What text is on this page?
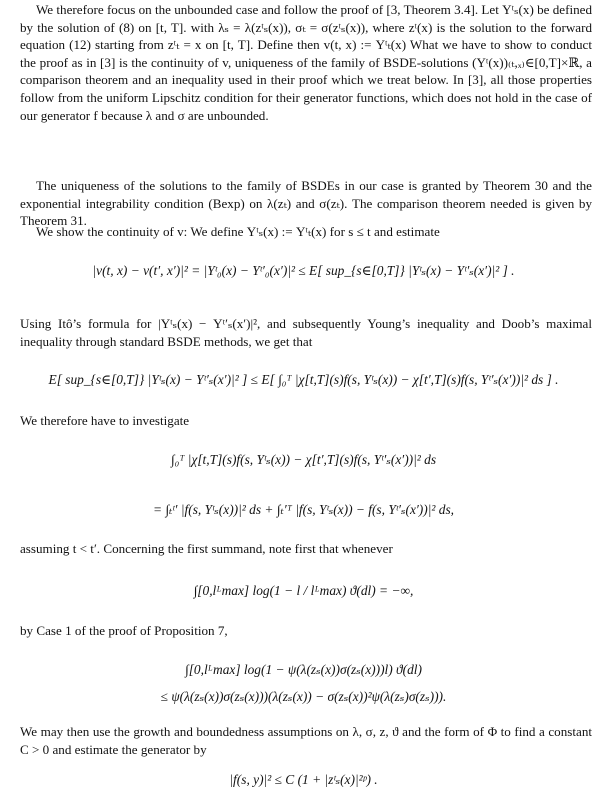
We therefore focus on the unbounded case and follow the proof of [3, Theorem 3.4]. Let Υᵗₛ(x) be defined by the solution of (8) on [t, T]. with λₛ = λ(zᵗₛ(x)), σₜ = σ(zᵗₛ(x)), where zᵗ(x) is the solution to the forward equation (12) starting from zᵗₜ = x on [t, T]. Define then v(t, x) := Υᵗₜ(x) What we have to show to conduct the proof as in [3] is the continuity of v, uniqueness of the family of BSDE-solutions (Υᵗ(x))₍ₜ,ₓ₎∈[0,T]×ℝ, a comparison theorem and an inequality used in their proof which we treat below. In [3], all those properties follow from the uniform Lipschitz condition for their generator functions, which does not hold in the case of our generator f because λ and σ are unbounded.

The uniqueness of the solutions to the family of BSDEs in our case is granted by Theorem 30 and the exponential integrability condition (Bexp) on λ(zₜ) and σ(zₜ). The comparison theorem needed is given by Theorem 31.

We show the continuity of v: We define Υᵗₛ(x) := Υᵗₜ(x) for s ≤ t and estimate

|v(t, x) − v(t′, x′)|² = |Υᵗ₀(x) − Υᵗ′₀(x′)|² ≤ E[ sup_{s∈[0,T]} |Υᵗₛ(x) − Υᵗ′ₛ(x′)|² ] .

Using Itô’s formula for |Υᵗₛ(x) − Υᵗ′ₛ(x′)|², and subsequently Young’s inequality and Doob’s maximal inequality through standard BSDE methods, we get that

E[ sup_{s∈[0,T]} |Υᵗₛ(x) − Υᵗ′ₛ(x′)|² ] ≤ E[ ∫₀ᵀ |χ[t,T](s)f(s, Υᵗₛ(x)) − χ[t′,T](s)f(s, Υᵗ′ₛ(x′))|² ds ] .

We therefore have to investigate

∫₀ᵀ |χ[t,T](s)f(s, Υᵗₛ(x)) − χ[t′,T](s)f(s, Υᵗ′ₛ(x′))|² ds
= ∫ₜᵗ′ |f(s, Υᵗₛ(x))|² ds + ∫ₜ′ᵀ |f(s, Υᵗₛ(x)) − f(s, Υᵗ′ₛ(x′))|² ds,

assuming t < t′. Concerning the first summand, note first that whenever

∫[0,lᴸmax] log(1 − l / lᴸmax) ϑ(dl) = −∞,

by Case 1 of the proof of Proposition 7,

∫[0,lᴸmax] log(1 − ψ(λ(zₛ(x))σ(zₛ(x)))l) ϑ(dl)
≤ ψ(λ(zₛ(x))σ(zₛ(x)))(λ(zₛ(x)) − σ(zₛ(x))²ψ(λ(zₛ)σ(zₛ))).

We may then use the growth and boundedness assumptions on λ, σ, z, ϑ and the form of Φ to find a constant C > 0 and estimate the generator by

|f(s, y)|² ≤ C (1 + |zᵗₛ(x)|²ᵖ) .
